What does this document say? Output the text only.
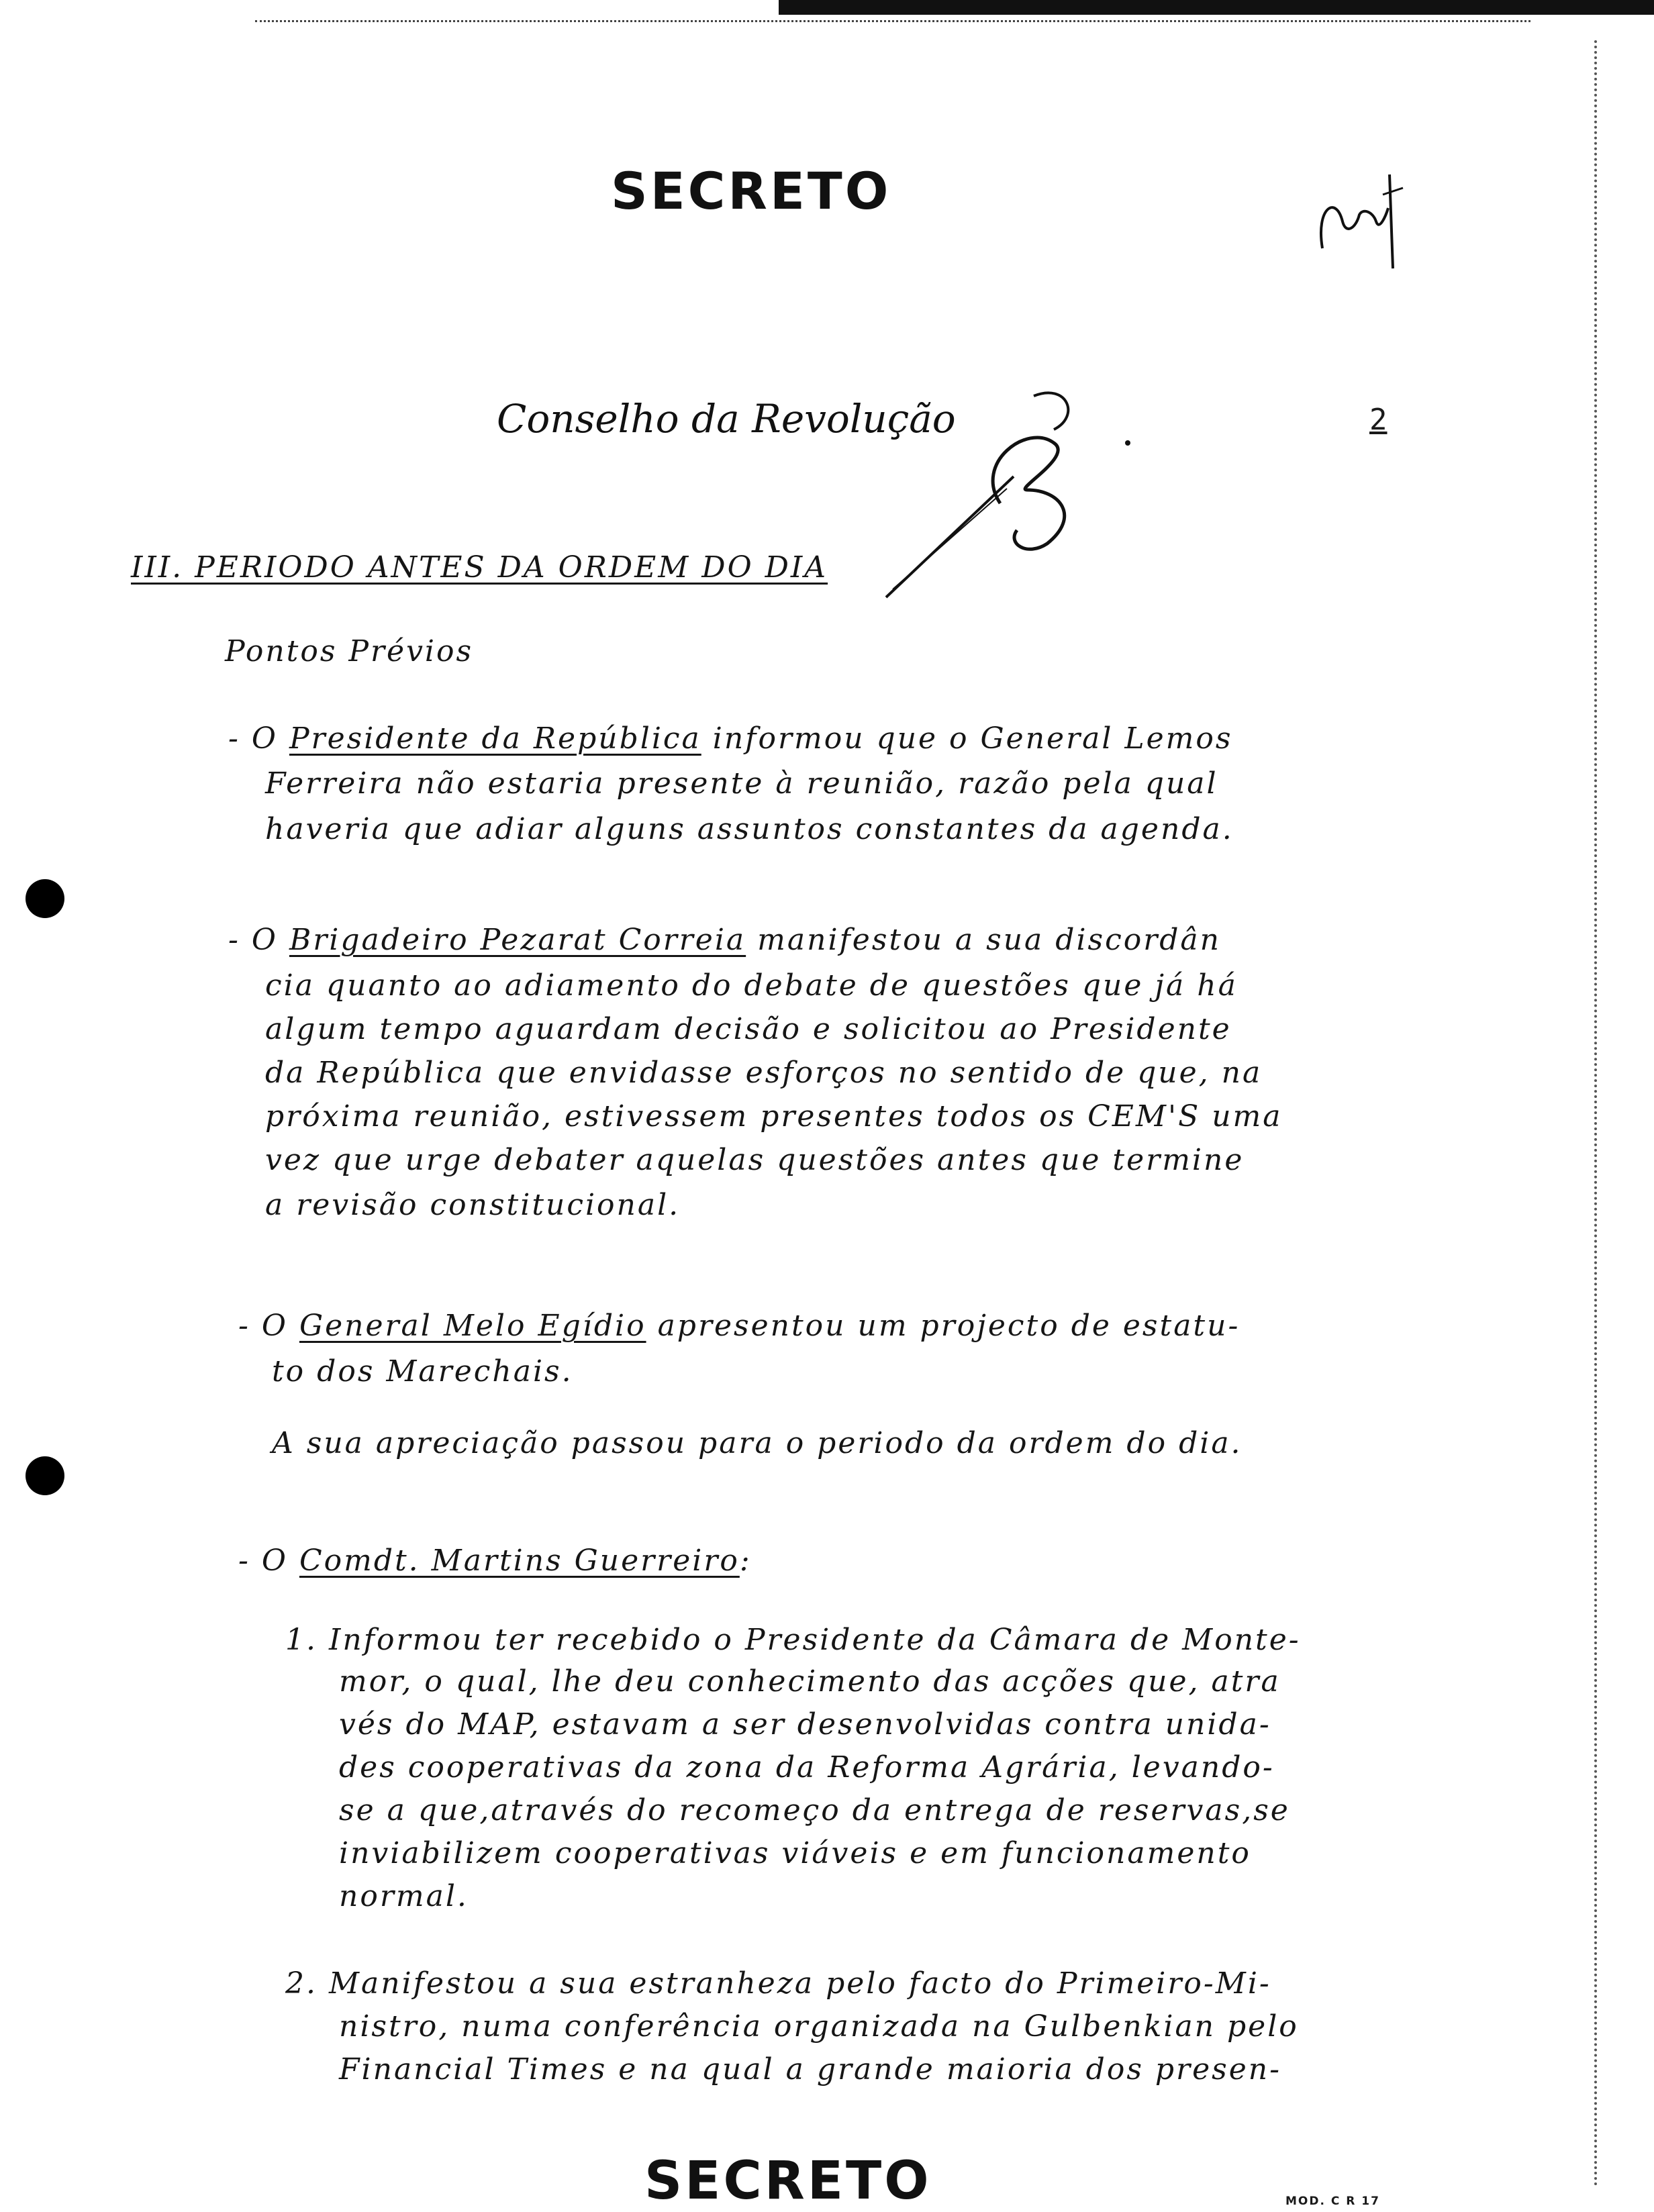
SECRETO
Conselho da Revolução	2
III. PERIODO ANTES DA ORDEM DO DIA
Pontos Prévios
- O Presidente da República informou que o General Lemos
Ferreira não estaria presente à reunião, razão pela qual
haveria que adiar alguns assuntos constantes da agenda.
- O Brigadeiro Pezarat Correia manifestou a sua discordân
cia quanto ao adiamento do debate de questões que já há
algum tempo aguardam decisão e solicitou ao Presidente
da República que envidasse esforços no sentido de que, na
próxima reunião, estivessem presentes todos os CEM'S uma
vez que urge debater aquelas questões antes que termine
a revisão constitucional.
- O General Melo Egídio apresentou um projecto de estatu-
to dos Marechais.
A sua apreciação passou para o periodo da ordem do dia.
- O Comdt. Martins Guerreiro:
1. Informou ter recebido o Presidente da Câmara de Monte-
mor, o qual, lhe deu conhecimento das acções que, atra
vés do MAP, estavam a ser desenvolvidas contra unida-
des cooperativas da zona da Reforma Agrária, levando-
se a que,através do recomeço da entrega de reservas,se
inviabilizem cooperativas viáveis e em funcionamento
normal.
2. Manifestou a sua estranheza pelo facto do Primeiro-Mi-
nistro, numa conferência organizada na Gulbenkian pelo
Financial Times e na qual a grande maioria dos presen-
SECRETO	MOD. C R 17
